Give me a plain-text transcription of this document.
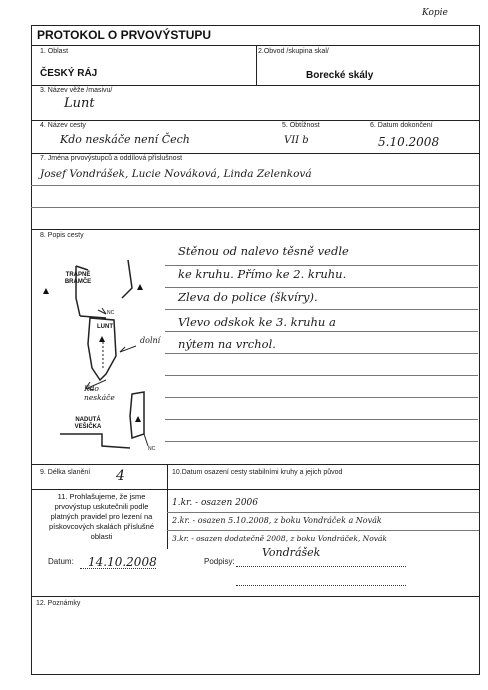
Kopie
PROTOKOL O PRVOVÝSTUPU
1. Oblast	2.Obvod /skupina skal/
ČESKÝ RÁJ	Borecké skály
3. Název věže /masivu/
Lunt
4. Název cesty	5. Obtížnost	6. Datum dokončení
Kdo neskáče není Čech	VII b	5.10.2008
7. Jména prvovýstupců a oddílová příslušnost
Josef Vondrášek, Lucie Nováková, Linda Zelenková
8. Popis cesty
Stěnou od nalevo těsně vedle
ke kruhu. Přímo ke 2. kruhu.
Zleva do police (škvíry).
Vlevo odskok ke 3. kruhu a
nýtem na vrchol.
TRAPNÉ BRAMČE
LUNT
NC
dolní
Kdo neskáče
NADUTÁ VEŠIČKA
NC
9. Délka slanění 4	10.Datum osazení cesty stabilními kruhy a jejich původ
11. Prohlašujeme, že jsme prvovýstup uskutečnili podle platných pravidel pro lezení na pískovcových skalách příslušné oblasti
1.kr. - osazen 2006
2.kr. - osazen 5.10.2008, z boku Vondráček a Novák
3.kr. - osazen dodatečně 2008, z boku Vondráček, Novák
Datum: 14.10.2008	Podpisy:
Vondrášek
12. Poznámky
